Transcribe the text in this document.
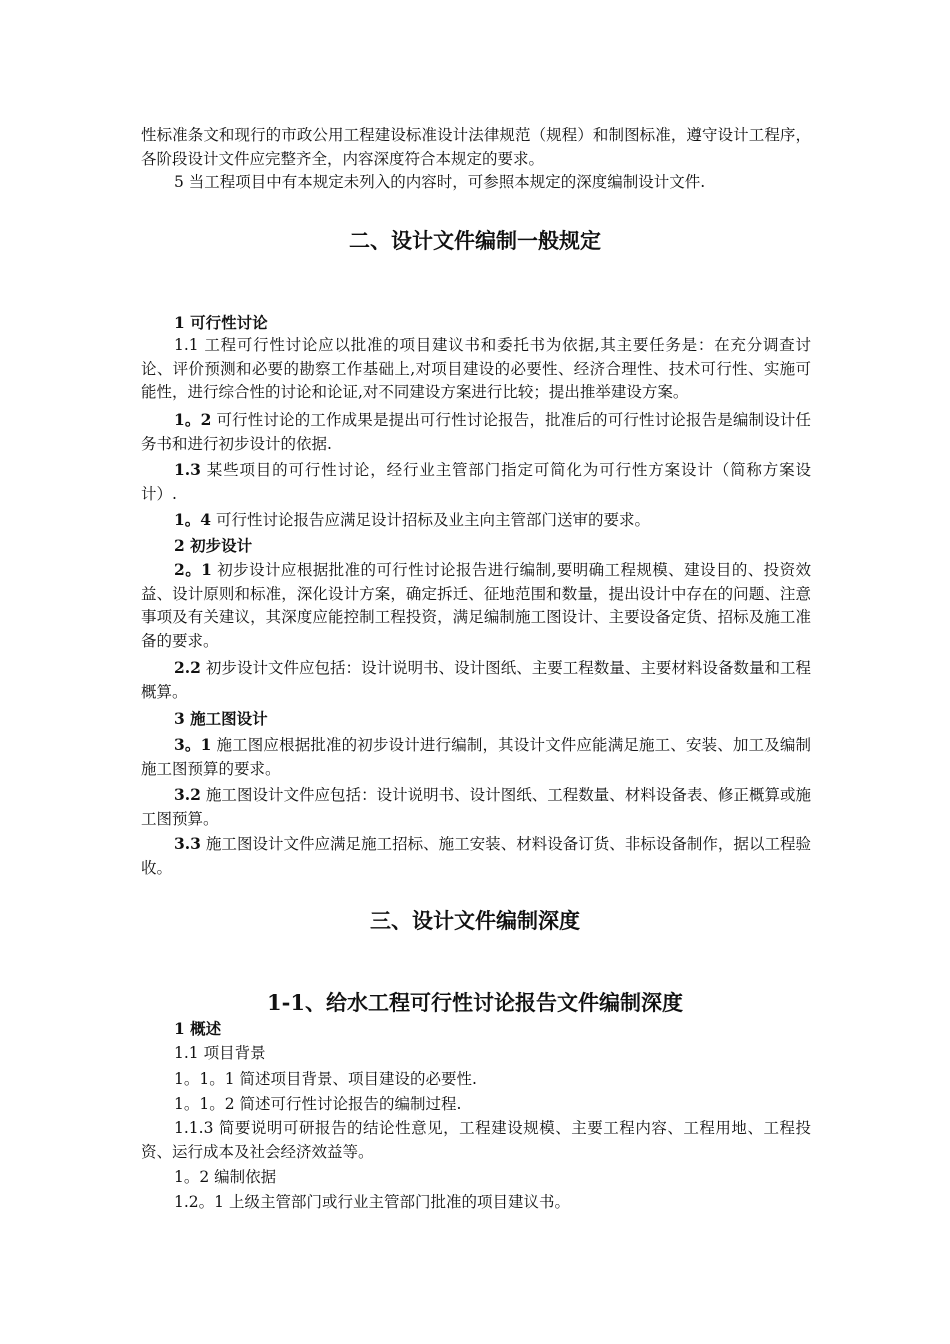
性标准条文和现行的市政公用工程建设标准设计法律规范（规程）和制图标准，遵守设计工程序，各阶段设计文件应完整齐全，内容深度符合本规定的要求。
5 当工程项目中有本规定未列入的内容时，可参照本规定的深度编制设计文件.
二、设计文件编制一般规定
1 可行性讨论
1.1 工程可行性讨论应以批准的项目建议书和委托书为依据,其主要任务是：在充分调查讨论、评价预测和必要的勘察工作基础上,对项目建设的必要性、经济合理性、技术可行性、实施可能性，进行综合性的讨论和论证,对不同建设方案进行比较；提出推举建设方案。
1。2 可行性讨论的工作成果是提出可行性讨论报告，批准后的可行性讨论报告是编制设计任务书和进行初步设计的依据.
1.3 某些项目的可行性讨论，经行业主管部门指定可简化为可行性方案设计（简称方案设计）.
1。4 可行性讨论报告应满足设计招标及业主向主管部门送审的要求。
2 初步设计
2。1 初步设计应根据批准的可行性讨论报告进行编制,要明确工程规模、建设目的、投资效益、设计原则和标准，深化设计方案，确定拆迁、征地范围和数量，提出设计中存在的问题、注意事项及有关建议，其深度应能控制工程投资，满足编制施工图设计、主要设备定货、招标及施工准备的要求。
2.2 初步设计文件应包括：设计说明书、设计图纸、主要工程数量、主要材料设备数量和工程概算。
3 施工图设计
3。1 施工图应根据批准的初步设计进行编制，其设计文件应能满足施工、安装、加工及编制施工图预算的要求。
3.2 施工图设计文件应包括：设计说明书、设计图纸、工程数量、材料设备表、修正概算或施工图预算。
3.3 施工图设计文件应满足施工招标、施工安装、材料设备订货、非标设备制作，据以工程验收。
三、设计文件编制深度
1-1、给水工程可行性讨论报告文件编制深度
1 概述
1.1 项目背景
1。1。1 简述项目背景、项目建设的必要性.
1。1。2 简述可行性讨论报告的编制过程.
1.1.3 简要说明可研报告的结论性意见，工程建设规模、主要工程内容、工程用地、工程投资、运行成本及社会经济效益等。
1。2 编制依据
1.2。1 上级主管部门或行业主管部门批准的项目建议书。
